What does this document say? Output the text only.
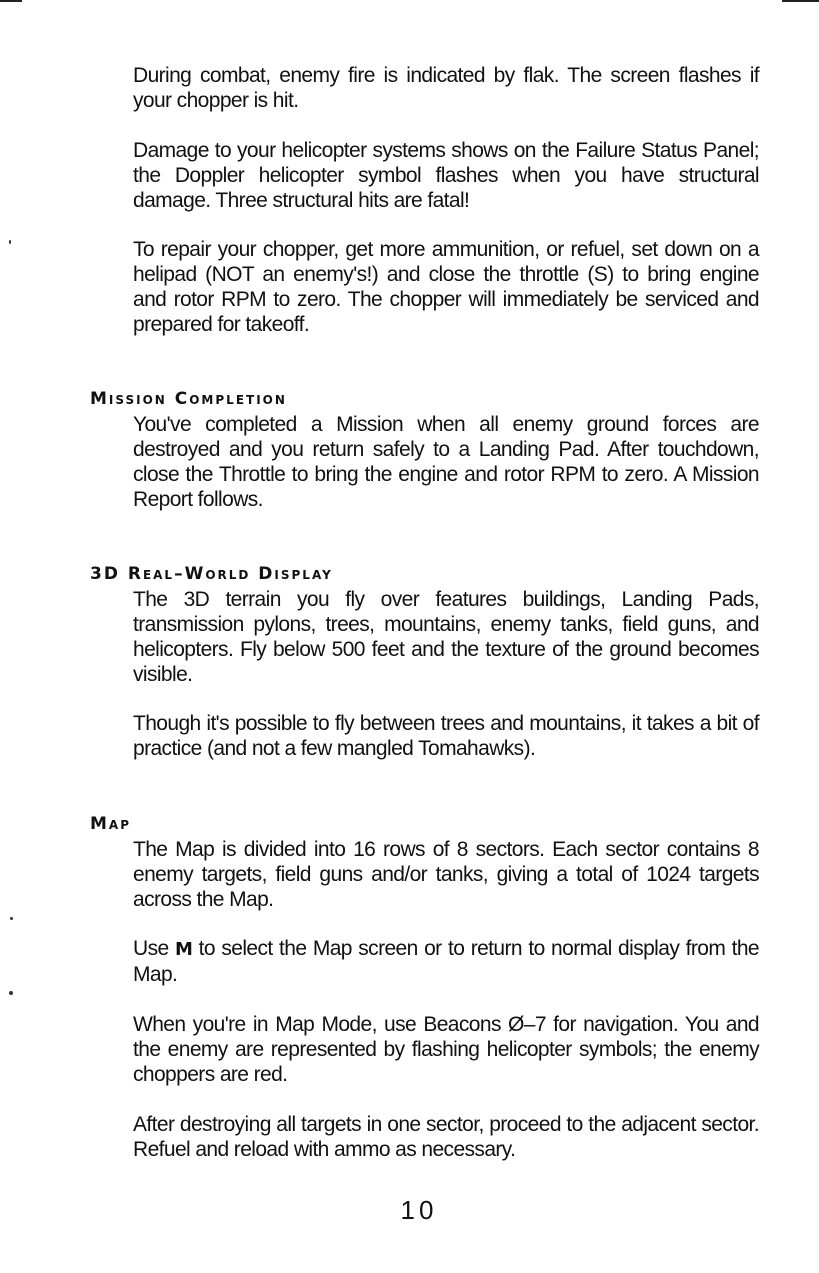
During combat, enemy fire is indicated by flak. The screen flashes if your chopper is hit.

Damage to your helicopter systems shows on the Failure Status Panel; the Doppler helicopter symbol flashes when you have structural damage. Three structural hits are fatal!

To repair your chopper, get more ammunition, or refuel, set down on a helipad (NOT an enemy's!) and close the throttle (S) to bring engine and rotor RPM to zero. The chopper will immediately be serviced and prepared for takeoff.

Mission Completion

You've completed a Mission when all enemy ground forces are destroyed and you return safely to a Landing Pad. After touchdown, close the Throttle to bring the engine and rotor RPM to zero. A Mission Report follows.

3D Real–World Display

The 3D terrain you fly over features buildings, Landing Pads, transmission pylons, trees, mountains, enemy tanks, field guns, and helicopters. Fly below 500 feet and the texture of the ground becomes visible.

Though it's possible to fly between trees and mountains, it takes a bit of practice (and not a few mangled Tomahawks).

Map

The Map is divided into 16 rows of 8 sectors. Each sector contains 8 enemy targets, field guns and/or tanks, giving a total of 1024 targets across the Map.

Use M to select the Map screen or to return to normal display from the Map.

When you're in Map Mode, use Beacons Ø–7 for navigation. You and the enemy are represented by flashing helicopter symbols; the enemy choppers are red.

After destroying all targets in one sector, proceed to the adjacent sector. Refuel and reload with ammo as necessary.

10
